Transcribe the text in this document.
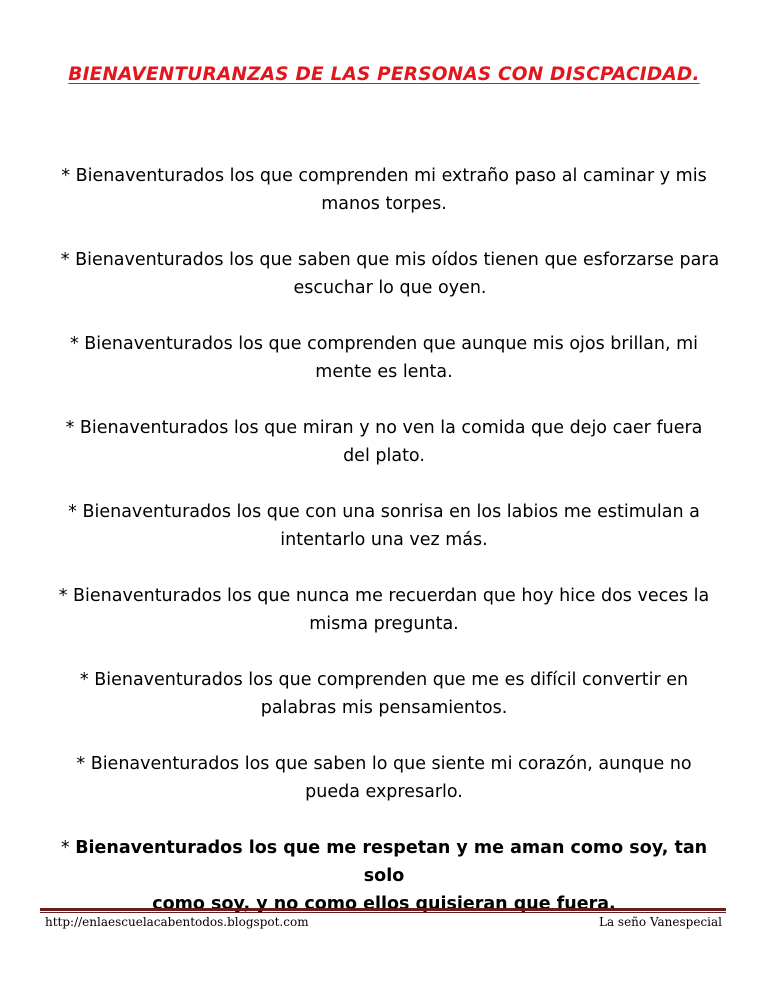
BIENAVENTURANZAS DE LAS PERSONAS CON DISCPACIDAD.

* Bienaventurados los que comprenden mi extraño paso al caminar y mis
manos torpes.

* Bienaventurados los que saben que mis oídos tienen que esforzarse para
escuchar lo que oyen.

* Bienaventurados los que comprenden que aunque mis ojos brillan, mi
mente es lenta.

* Bienaventurados los que miran y no ven la comida que dejo caer fuera
del plato.

* Bienaventurados los que con una sonrisa en los labios me estimulan a
intentarlo una vez más.

* Bienaventurados los que nunca me recuerdan que hoy hice dos veces la
misma pregunta.

* Bienaventurados los que comprenden que me es difícil convertir en
palabras mis pensamientos.

* Bienaventurados los que saben lo que siente mi corazón, aunque no
pueda expresarlo.

* Bienaventurados los que me respetan y me aman como soy, tan solo
como soy, y no como ellos quisieran que fuera.

http://enlaescuelacabentodos.blogspot.com	La seño Vanespecial
